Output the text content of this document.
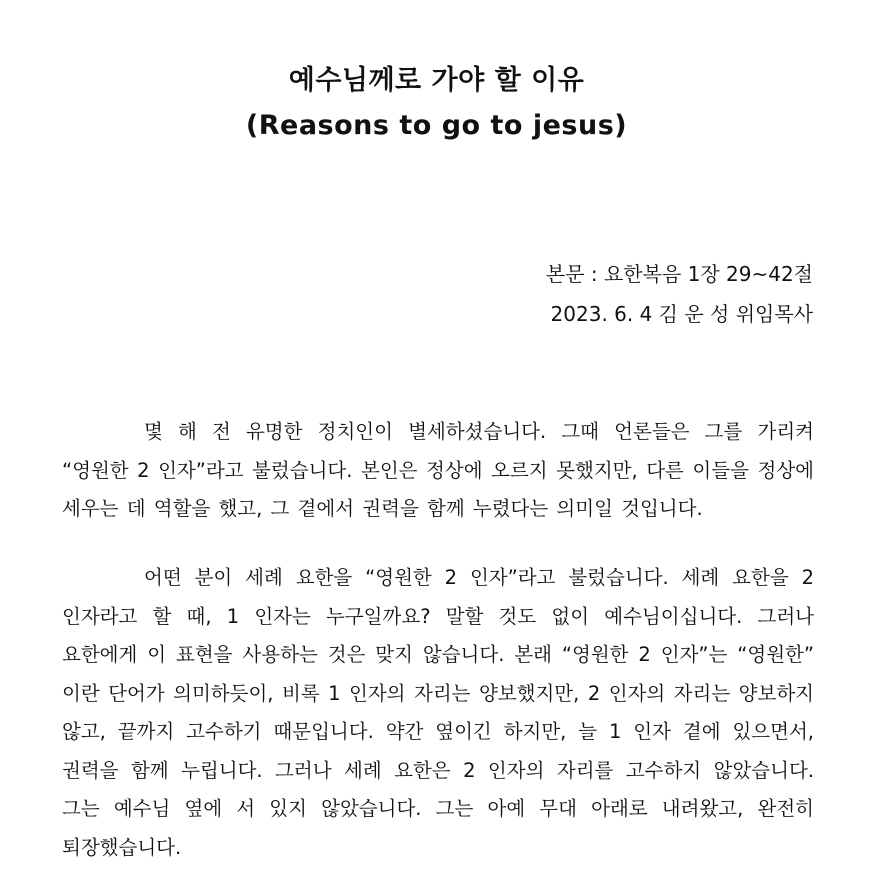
예수님께로 가야 할 이유
(Reasons to go to jesus)
본문 : 요한복음 1장 29~42절
2023. 6. 4 김 운 성 위임목사

몇 해 전 유명한 정치인이 별세하셨습니다. 그때 언론들은 그를 가리켜 “영원한 2 인자”라고 불렀습니다. 본인은 정상에 오르지 못했지만, 다른 이들을 정상에 세우는 데 역할을 했고, 그 곁에서 권력을 함께 누렸다는 의미일 것입니다.

어떤 분이 세례 요한을 “영원한 2 인자”라고 불렀습니다. 세례 요한을 2 인자라고 할 때, 1 인자는 누구일까요? 말할 것도 없이 예수님이십니다. 그러나 요한에게 이 표현을 사용하는 것은 맞지 않습니다. 본래 “영원한 2 인자”는 “영원한” 이란 단어가 의미하듯이, 비록 1 인자의 자리는 양보했지만, 2 인자의 자리는 양보하지 않고, 끝까지 고수하기 때문입니다. 약간 옆이긴 하지만, 늘 1 인자 곁에 있으면서, 권력을 함께 누립니다. 그러나 세례 요한은 2 인자의 자리를 고수하지 않았습니다. 그는 예수님 옆에 서 있지 않았습니다. 그는 아예 무대 아래로 내려왔고, 완전히 퇴장했습니다.
